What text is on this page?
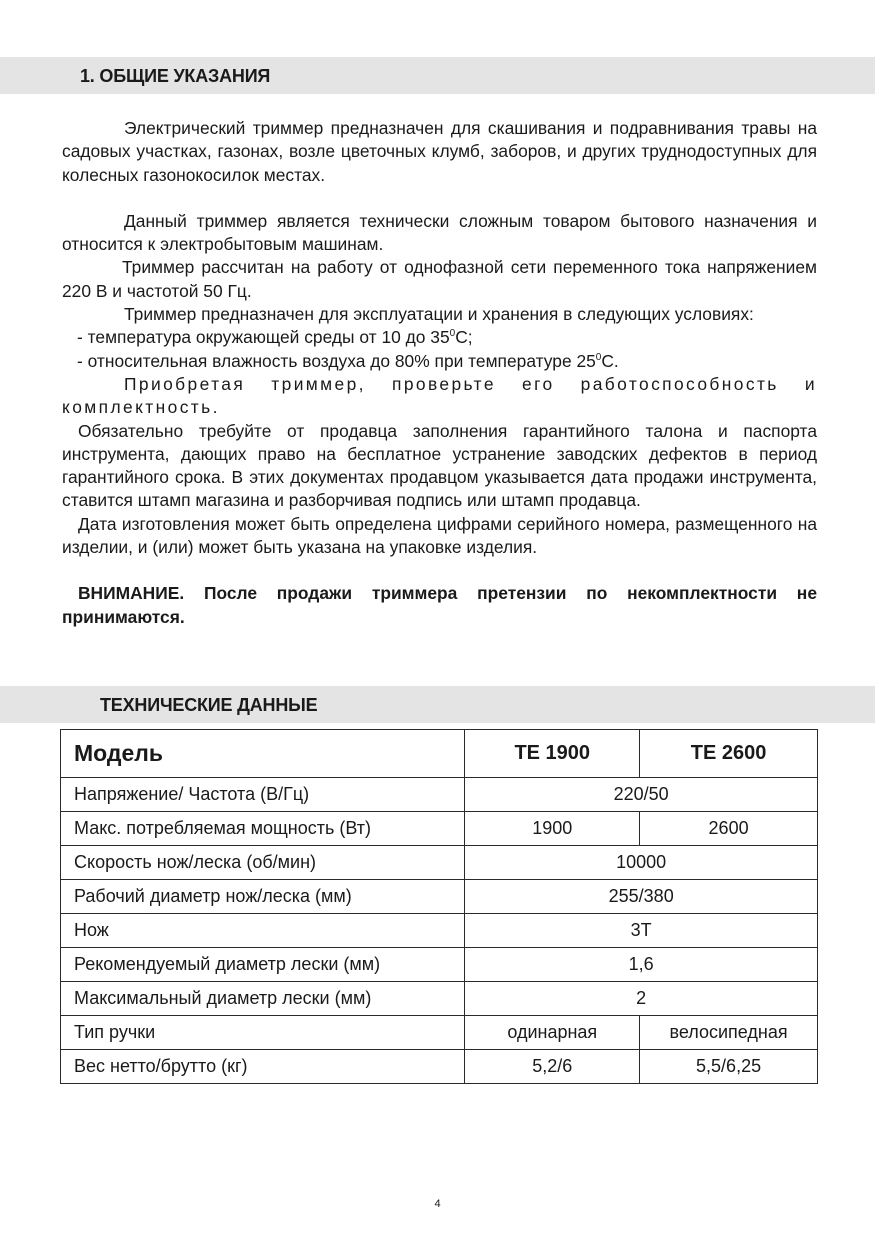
1. ОБЩИЕ УКАЗАНИЯ

Электрический триммер предназначен для скашивания и подравнивания травы на садовых участках, газонах, возле цветочных клумб, заборов, и других труднодоступных для колесных газонокосилок местах.

Данный триммер является технически сложным товаром бытового назначения и относится к электробытовым машинам.

Триммер рассчитан на работу от однофазной сети переменного тока напряжением 220 В и частотой 50 Гц.

Триммер предназначен для эксплуатации и хранения в следующих условиях:

- температура окружающей среды от 10 до $35^0С$;

- относительная влажность воздуха до 80% при температуре $25^0С$.

Приобретая триммер, проверьте его работоспособность и комплектность.

Обязательно требуйте от продавца заполнения гарантийного талона и паспорта инструмента, дающих право на бесплатное устранение заводских дефектов в период гарантийного срока. В этих документах продавцом указывается дата продажи инструмента, ставится штамп магазина и разборчивая подпись или штамп продавца.

Дата изготовления может быть определена цифрами серийного номера, размещенного на изделии, и (или) может быть указана на упаковке изделия.

ВНИМАНИЕ. После продажи триммера претензии по некомплектности не принимаются.

ТЕХНИЧЕСКИЕ ДАННЫЕ
Модель	TE 1900	TE 2600
Напряжение/ Частота (В/Гц)	220/50	
Макс. потребляемая мощность (Вт)	1900	2600
Скорость нож/леска (об/мин)	10000	
Рабочий диаметр нож/леска (мм)	255/380	
Нож	3Т	
Рекомендуемый диаметр лески (мм)	1,6	
Максимальный диаметр лески (мм)	2	
Тип ручки	одинарная	велосипедная
Вес нетто/брутто (кг)	5,2/6	5,5/6,25
4
